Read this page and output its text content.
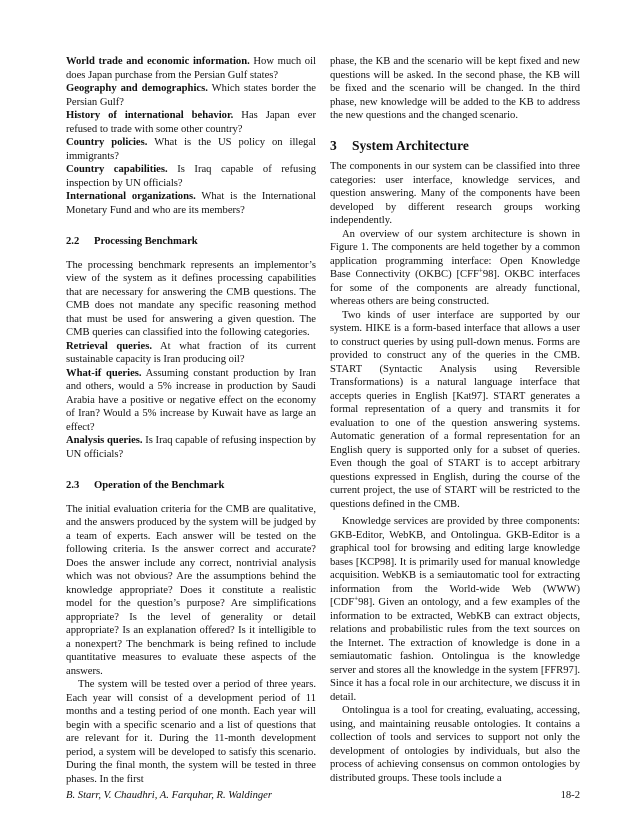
World trade and economic information. How much oil does Japan purchase from the Persian Gulf states?

Geography and demographics. Which states border the Persian Gulf?

History of international behavior. Has Japan ever refused to trade with some other country?

Country policies. What is the US policy on illegal immigrants?

Country capabilities. Is Iraq capable of refusing inspection by UN officials?

International organizations. What is the International Monetary Fund and who are its members?

2.2 Processing Benchmark

The processing benchmark represents an implementor’s view of the system as it defines processing capabilities that are necessary for answering the CMB questions. The CMB does not mandate any specific reasoning method that must be used for answering a given question. The CMB queries can classified into the following categories.

Retrieval queries. At what fraction of its current sustainable capacity is Iran producing oil?

What-if queries. Assuming constant production by Iran and others, would a 5% increase in production by Saudi Arabia have a positive or negative effect on the economy of Iran? Would a 5% increase by Kuwait have as large an effect?

Analysis queries. Is Iraq capable of refusing inspection by UN officials?

2.3 Operation of the Benchmark

The initial evaluation criteria for the CMB are qualitative, and the answers produced by the system will be judged by a team of experts. Each answer will be tested on the following criteria. Is the answer correct and accurate? Does the answer include any correct, nontrivial analysis which was not obvious? Are the assumptions behind the knowledge appropriate? Does it constitute a realistic model for the question’s purpose? Are simplifications appropriate? Is the level of generality or detail appropriate? Is an explanation offered? Is it intelligible to a nonexpert? The benchmark is being refined to include quantitative measures to evaluate these aspects of the answers.

The system will be tested over a period of three years. Each year will consist of a development period of 11 months and a testing period of one month. Each year will begin with a specific scenario and a list of questions that are relevant for it. During the 11-month development period, a system will be developed to satisfy this scenario. During the final month, the system will be tested in three phases. In the first

phase, the KB and the scenario will be kept fixed and new questions will be asked. In the second phase, the KB will be fixed and the scenario will be changed. In the third phase, new knowledge will be added to the KB to address the new questions and the changed scenario.

3 System Architecture

The components in our system can be classified into three categories: user interface, knowledge services, and question answering. Many of the components have been developed by different research groups working independently.

An overview of our system architecture is shown in Figure 1. The components are held together by a common application programming interface: Open Knowledge Base Connectivity (OKBC) [CFF+98]. OKBC interfaces for some of the components are already functional, whereas others are being constructed.

Two kinds of user interface are supported by our system. HIKE is a form-based interface that allows a user to construct queries by using pull-down menus. Forms are provided to construct any of the queries in the CMB. START (Syntactic Analysis using Reversible Transformations) is a natural language interface that accepts queries in English [Kat97]. START generates a formal representation of a query and transmits it for evaluation to one of the question answering systems. Automatic generation of a formal representation for an English query is supported only for a subset of queries. Even though the goal of START is to accept arbitrary questions expressed in English, during the course of the current project, the use of START will be restricted to the questions defined in the CMB.

Knowledge services are provided by three components: GKB-Editor, WebKB, and Ontolingua. GKB-Editor is a graphical tool for browsing and editing large knowledge bases [KCP98]. It is primarily used for manual knowledge acquisition. WebKB is a semiautomatic tool for extracting information from the World-wide Web (WWW) [CDF+98]. Given an ontology, and a few examples of the information to be extracted, WebKB can extract objects, relations and probabilistic rules from the text sources on the Internet. The extraction of knowledge is done in a semiautomatic fashion. Ontolingua is the knowledge server and stores all the knowledge in the system [FFR97]. Since it has a focal role in our architecture, we discuss it in detail.

Ontolingua is a tool for creating, evaluating, accessing, using, and maintaining reusable ontologies. It contains a collection of tools and services to support not only the development of ontologies by individuals, but also the process of achieving consensus on common ontologies by distributed groups. These tools include a

B. Starr, V. Chaudhri, A. Farquhar, R. Waldinger	18-2
